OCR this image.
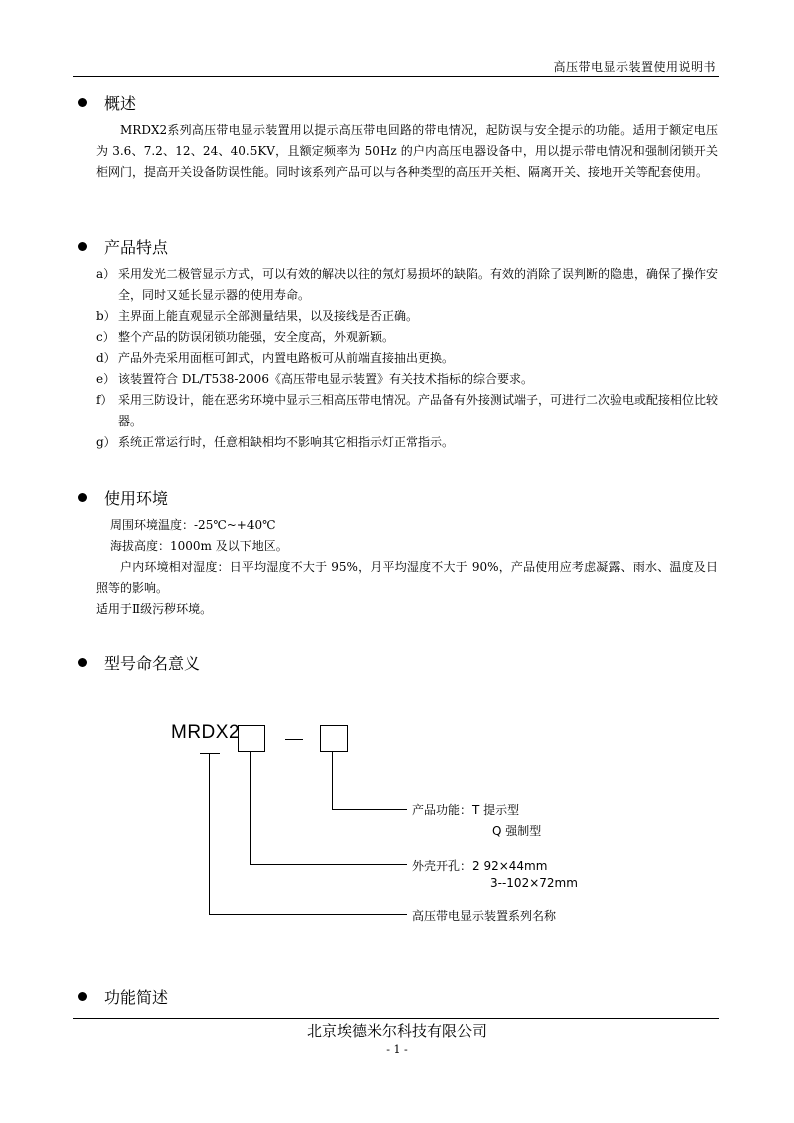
高压带电显示装置使用说明书
概述
MRDX2系列高压带电显示装置用以提示高压带电回路的带电情况，起防误与安全提示的功能。适用于额定电压为 3.6、7.2、12、24、40.5KV，且额定频率为 50Hz 的户内高压电器设备中，用以提示带电情况和强制闭锁开关柜网门，提高开关设备防误性能。同时该系列产品可以与各种类型的高压开关柜、隔离开关、接地开关等配套使用。
产品特点
a） 采用发光二极管显示方式，可以有效的解决以往的氖灯易损坏的缺陷。有效的消除了误判断的隐患，确保了操作安全，同时又延长显示器的使用寿命。
b） 主界面上能直观显示全部测量结果，以及接线是否正确。
c） 整个产品的防误闭锁功能强，安全度高，外观新颖。
d） 产品外壳采用面框可卸式，内置电路板可从前端直接抽出更换。
e） 该装置符合 DL/T538-2006《高压带电显示装置》有关技术指标的综合要求。
f） 采用三防设计，能在恶劣环境中显示三相高压带电情况。产品备有外接测试端子，可进行二次验电或配接相位比较器。
g） 系统正常运行时，任意相缺相均不影响其它相指示灯正常指示。
使用环境
周围环境温度：-25℃~+40℃
海拔高度：1000m 及以下地区。
户内环境相对湿度：日平均湿度不大于 95%，月平均湿度不大于 90%，产品使用应考虑凝露、雨水、温度及日照等的影响。
适用于Ⅱ级污秽环境。
型号命名意义
MRDX2
产品功能：T 提示型
Q 强制型
外壳开孔：2 92×44mm
3--102×72mm
高压带电显示装置系列名称
功能简述
北京埃德米尔科技有限公司
- 1 -
